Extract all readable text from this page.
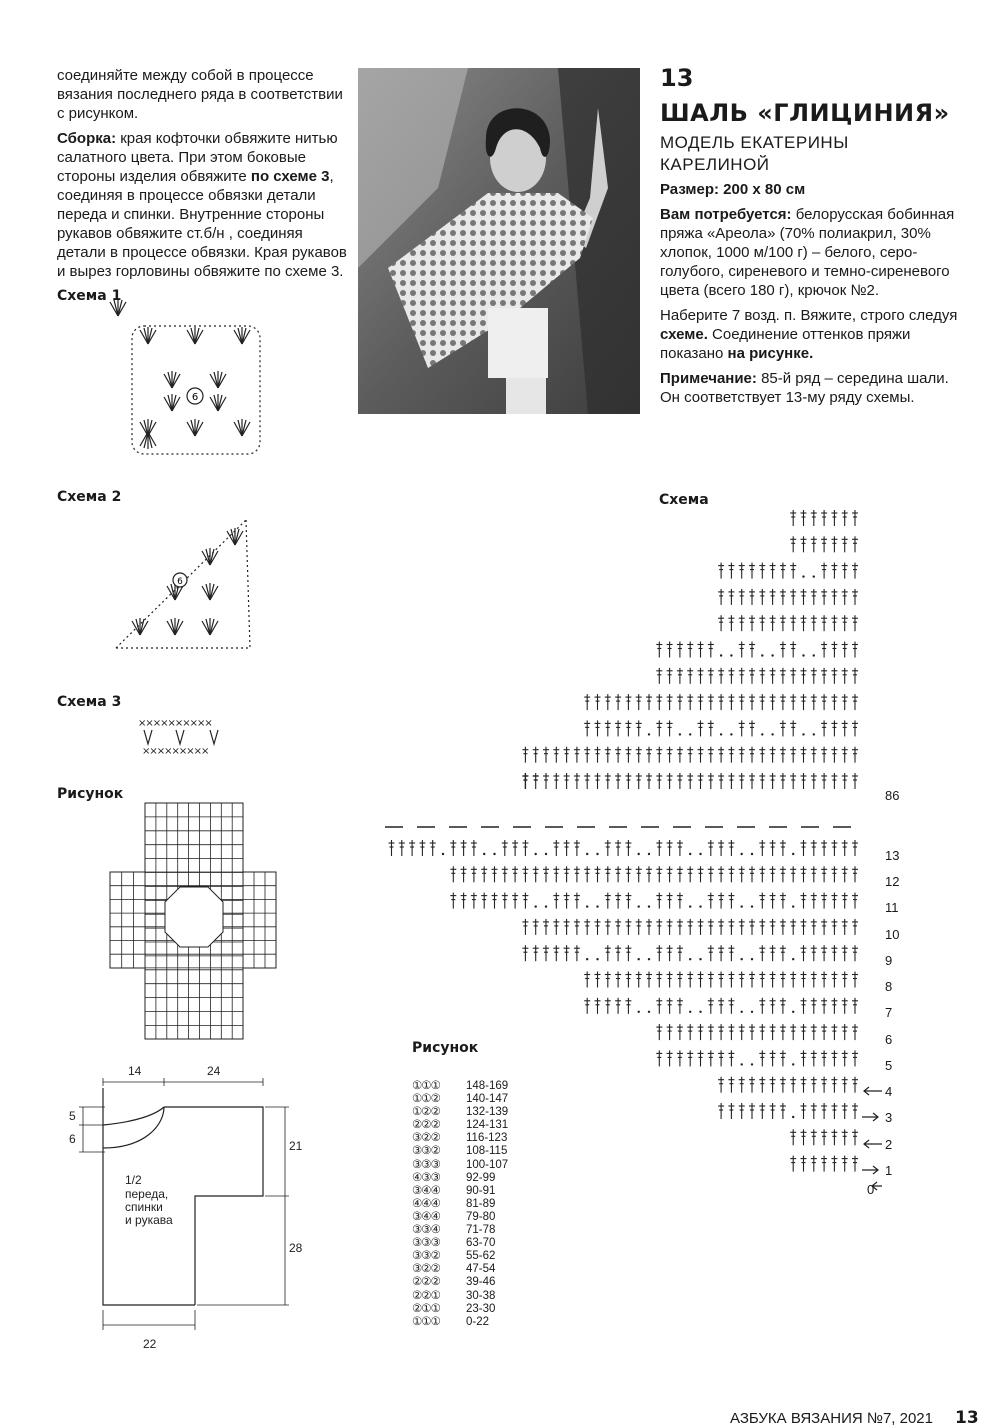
соединяйте между собой в процессе вязания последнего ряда в соответствии с рисунком.

Сборка: края кофточки обвяжите нитью салатного цвета. При этом боковые стороны изделия обвяжите по схеме 3, соединяя в процессе обвязки детали переда и спинки. Внутренние стороны рукавов обвяжите ст.б/н , соединяя детали в процессе обвязки. Края рукавов и вырез горловины обвяжите по схеме 3.

Схема 1
Схема 2
Схема 3
Рисунок
Схема
Рисунок
6
6
××××××××××
×××××××××
14	24
5
6	21
28
22
1/2
переда,
спинки
и рукава
13
ШАЛЬ «ГЛИЦИНИЯ»
МОДЕЛЬ ЕКАТЕРИНЫ КАРЕЛИНОЙ

Размер: 200 х 80 см

Вам потребуется: белорусская бобинная пряжа «Ареола» (70% полиакрил, 30% хлопок, 1000 м/100 г) – белого, серо-голубого, сиреневого и темно-сиреневого цвета (всего 180 г), крючок №2.

Наберите 7 возд. п. Вяжите, строго следуя схеме. Соединение оттенков пряжи показано на рисунке.

Примечание: 85-й ряд – середина шали. Он соответствует 13-му ряду схемы.

86
13
12
11
10
9
8
7
6
5
4
3
2
1
0
①①① 148-169
①①② 140-147
①②② 132-139
②②② 124-131
③②② 116-123
③③② 108-115
③③③ 100-107
④③③ 92-99
③④④ 90-91
④④④ 81-89
③④④ 79-80
③③④ 71-78
③③③ 63-70
③③② 55-62
③②② 47-54
②②② 39-46
②②① 30-38
②①① 23-30
①①① 0-22
АЗБУКА ВЯЗАНИЯ №7, 2021 13
